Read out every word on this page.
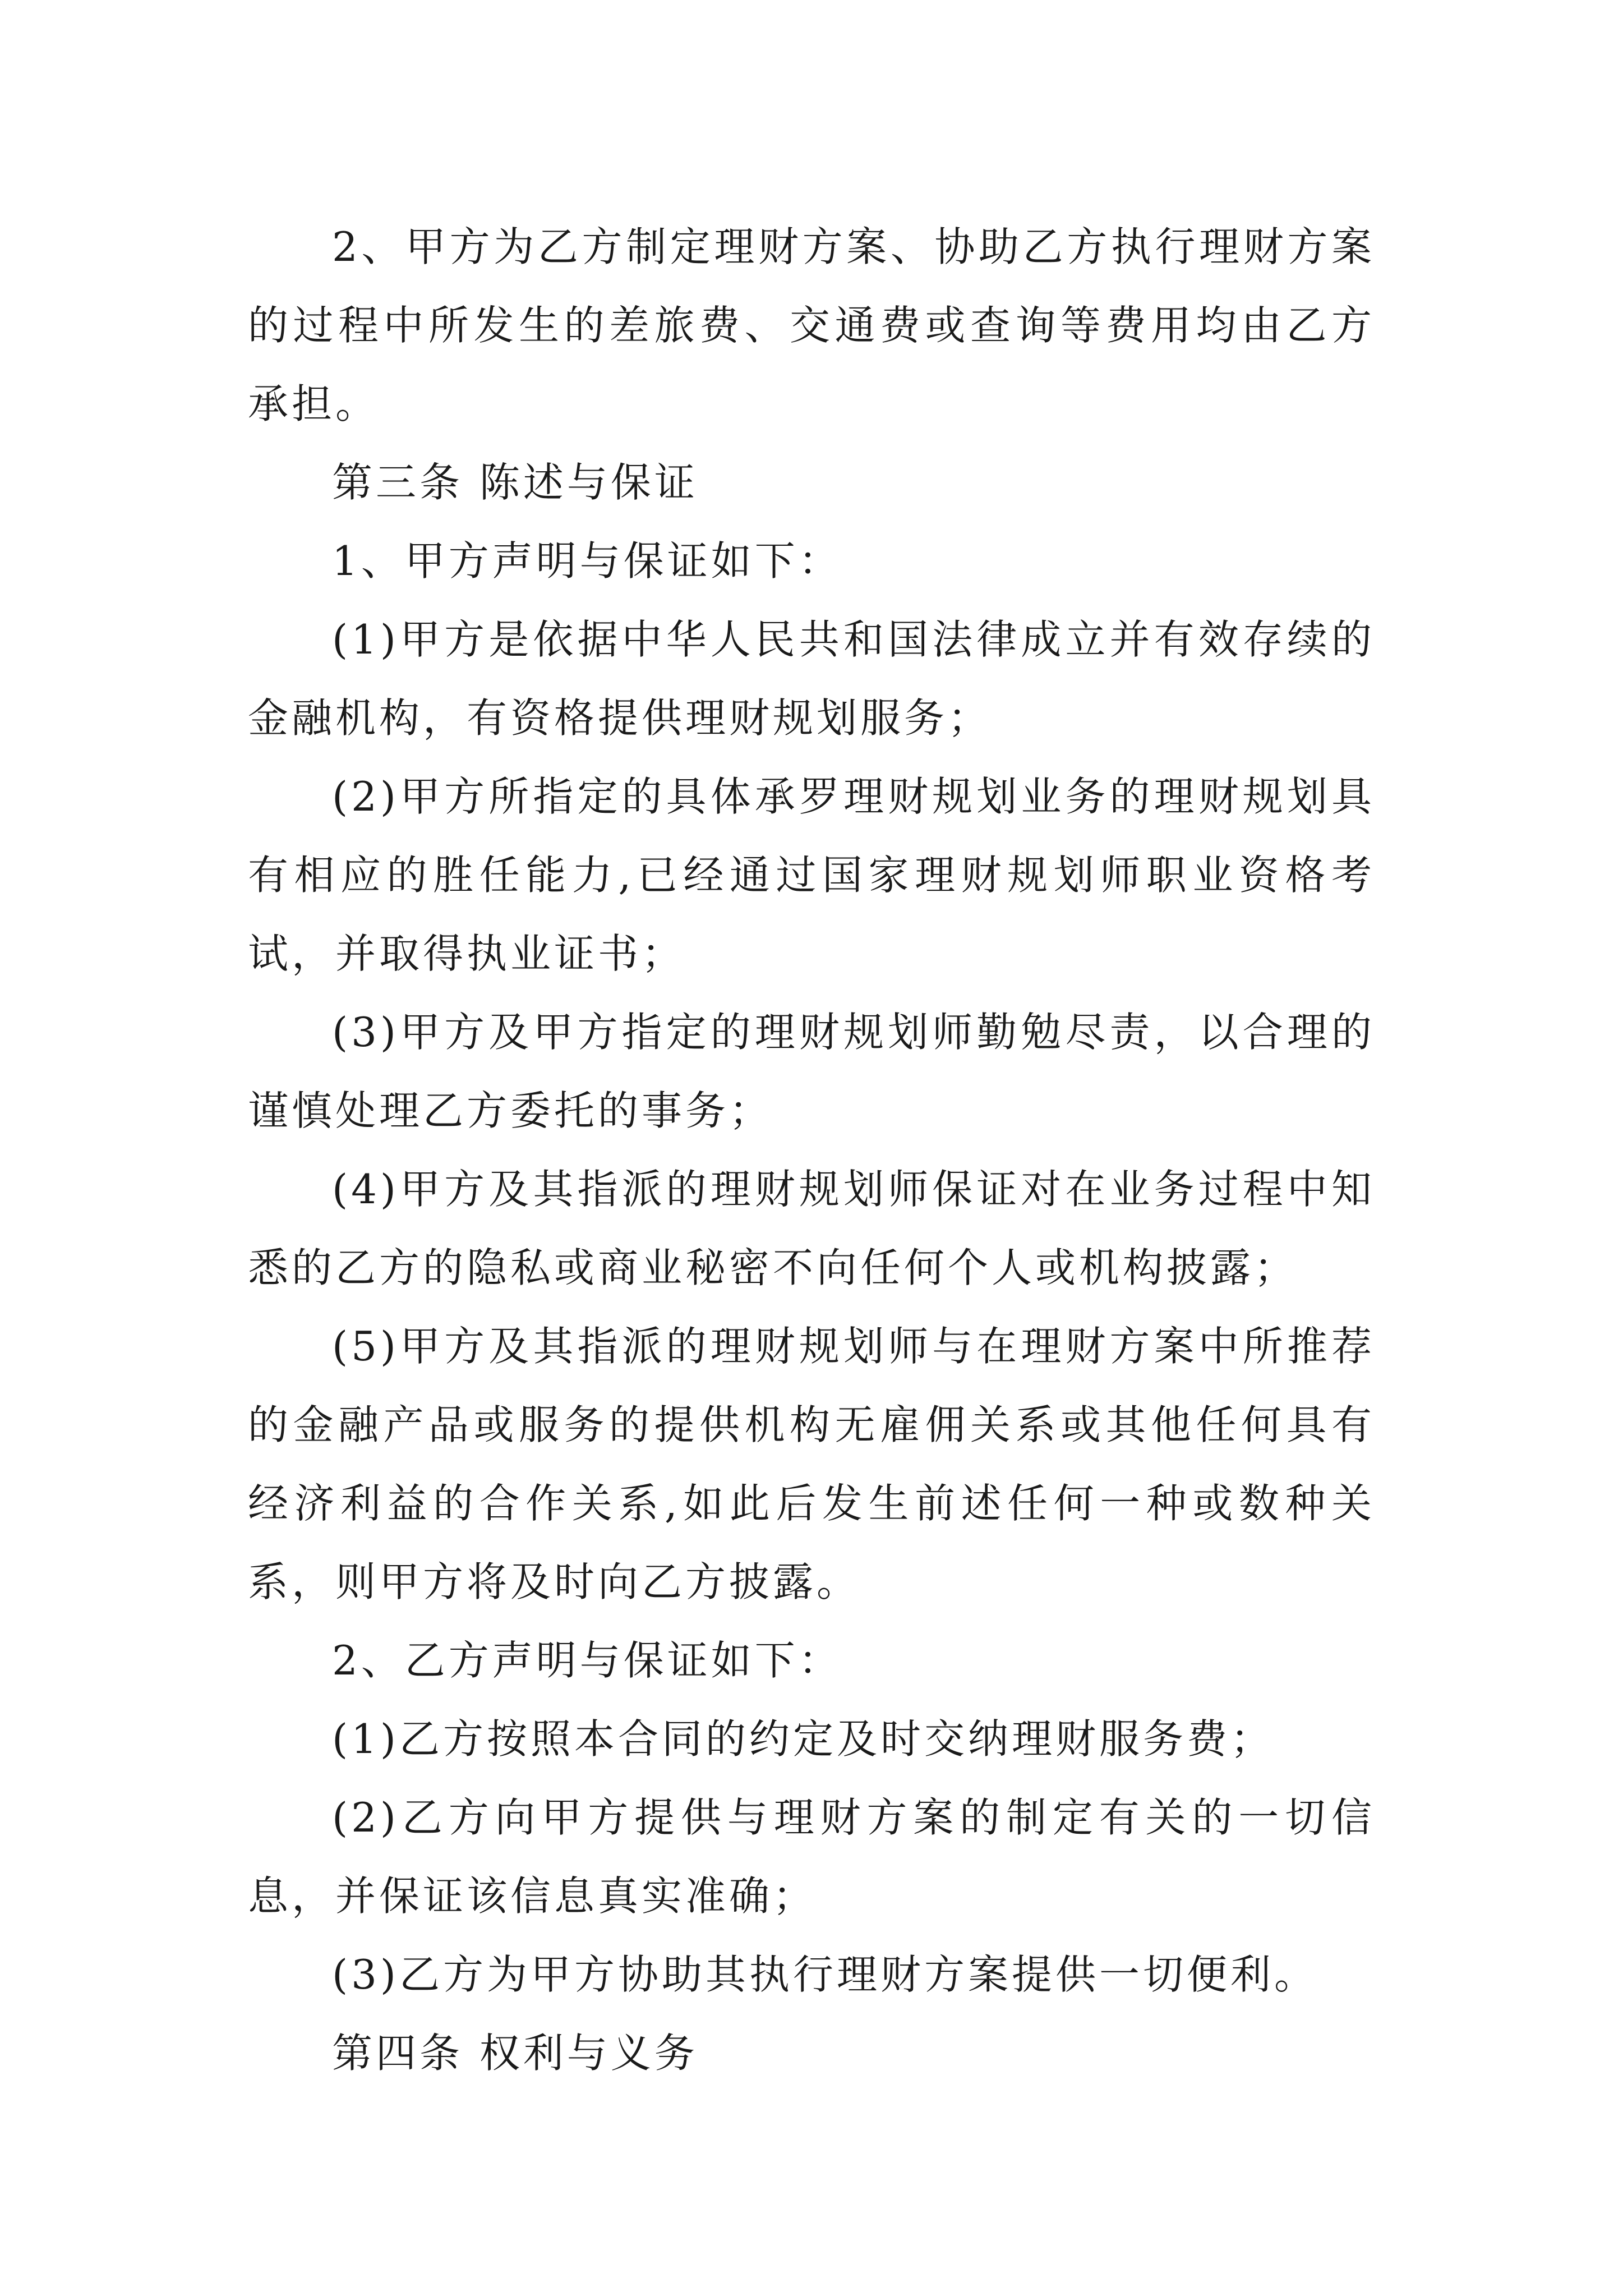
2、甲方为乙方制定理财方案、协助乙方执行理财方案的过程中所发生的差旅费、交通费或查询等费用均由乙方承担。

第三条 陈述与保证

1、甲方声明与保证如下：

(1)甲方是依据中华人民共和国法律成立并有效存续的金融机构，有资格提供理财规划服务；

(2)甲方所指定的具体承罗理财规划业务的理财规划具有相应的胜任能力,已经通过国家理财规划师职业资格考试，并取得执业证书；

(3)甲方及甲方指定的理财规划师勤勉尽责，以合理的谨慎处理乙方委托的事务；

(4)甲方及其指派的理财规划师保证对在业务过程中知悉的乙方的隐私或商业秘密不向任何个人或机构披露；

(5)甲方及其指派的理财规划师与在理财方案中所推荐的金融产品或服务的提供机构无雇佣关系或其他任何具有经济利益的合作关系,如此后发生前述任何一种或数种关系，则甲方将及时向乙方披露。

2、乙方声明与保证如下：

(1)乙方按照本合同的约定及时交纳理财服务费；

(2)乙方向甲方提供与理财方案的制定有关的一切信息，并保证该信息真实准确；

(3)乙方为甲方协助其执行理财方案提供一切便利。

第四条 权利与义务
